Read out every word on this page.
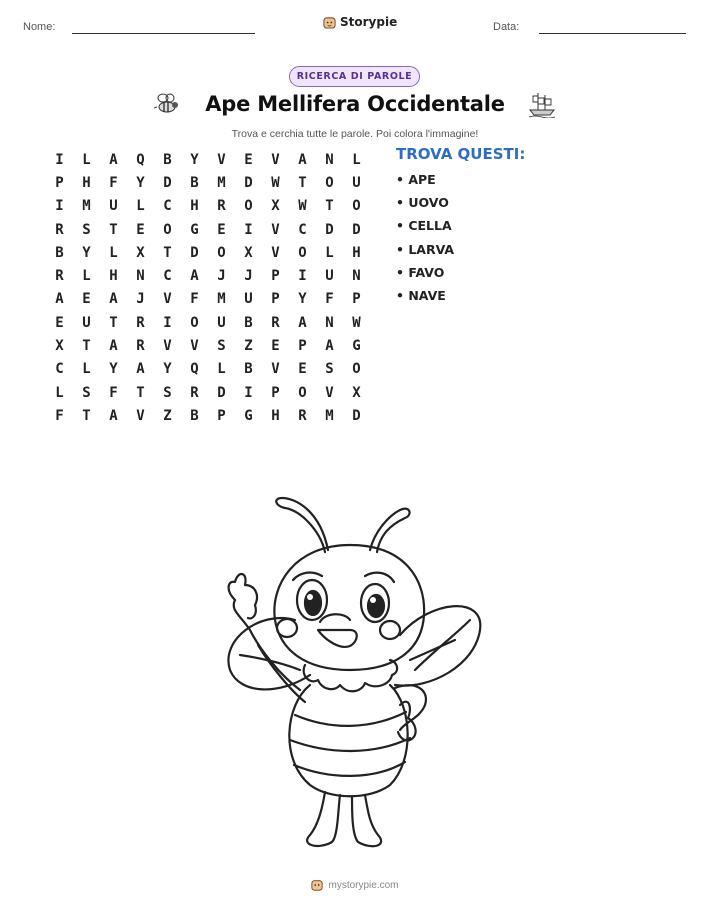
Nome:	Storypie	Data:
RICERCA DI PAROLE
Ape Mellifera Occidentale
Trova e cerchia tutte le parole. Poi colora l'immagine!
I	L	A	Q	B	Y	V	E	V	A	N	L
P	H	F	Y	D	B	M	D	W	T	O	U
I	M	U	L	C	H	R	O	X	W	T	O
R	S	T	E	O	G	E	I	V	C	D	D
B	Y	L	X	T	D	O	X	V	O	L	H
R	L	H	N	C	A	J	J	P	I	U	N
A	E	A	J	V	F	M	U	P	Y	F	P
E	U	T	R	I	O	U	B	R	A	N	W
X	T	A	R	V	V	S	Z	E	P	A	G
C	L	Y	A	Y	Q	L	B	V	E	S	O
L	S	F	T	S	R	D	I	P	O	V	X
F	T	A	V	Z	B	P	G	H	R	M	D
TROVA QUESTI:
• APE
• UOVO
• CELLA
• LARVA
• FAVO
• NAVE
mystorypie.com
